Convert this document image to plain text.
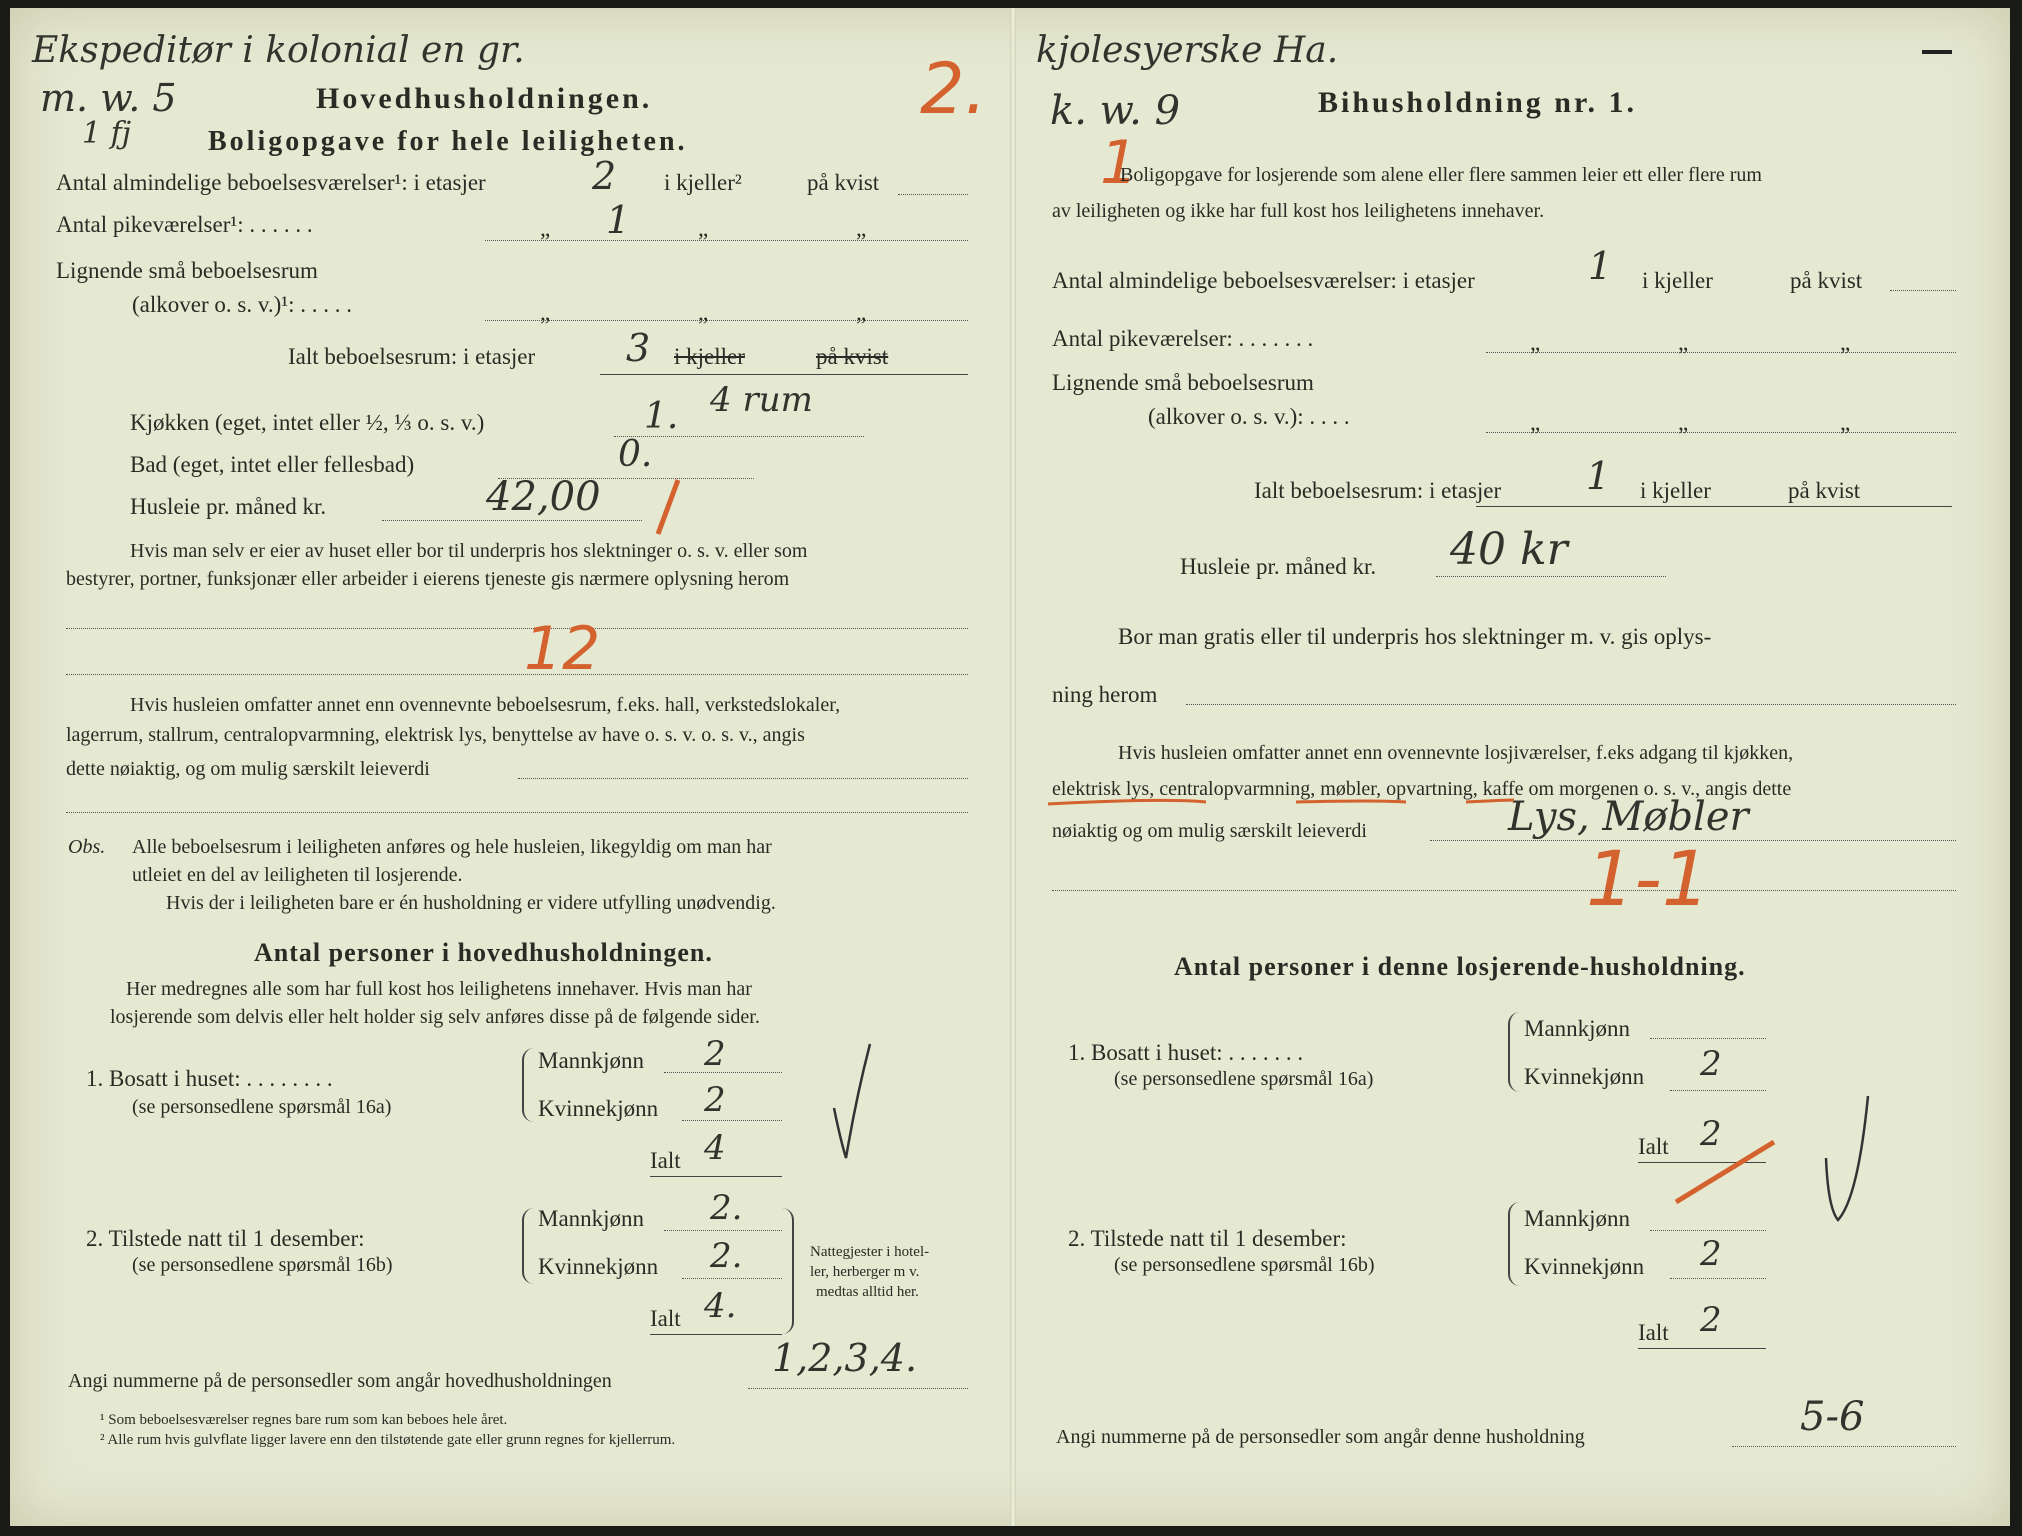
Ekspeditør i kolonial en gr.
m. w. 5
1 fj
2.
Hovedhusholdningen.
Boligopgave for hele leiligheten.
Antal almindelige beboelsesværelser¹: i etasjer	2 i kjeller²	på kvist
Antal pikeværelser¹: . . . . . .	„ 1	„	„
Lignende små beboelsesrum
(alkover o. s. v.)¹: . . . . .	„	„	„
Ialt beboelsesrum: i etasjer 3 i kjeller	på kvist
Kjøkken (eget, intet eller ½, ⅓ o. s. v.)	1. 4 rum
Bad (eget, intet eller fellesbad)	0.
Husleie pr. måned kr.	42,00
Hvis man selv er eier av huset eller bor til underpris hos slektninger o. s. v. eller som
bestyrer, portner, funksjonær eller arbeider i eierens tjeneste gis nærmere oplysning herom
12
Hvis husleien omfatter annet enn ovennevnte beboelsesrum, f.eks. hall, verkstedslokaler,
lagerrum, stallrum, centralopvarmning, elektrisk lys, benyttelse av have o. s. v. o. s. v., angis
dette nøiaktig, og om mulig særskilt leieverdi
Obs. Alle beboelsesrum i leiligheten anføres og hele husleien, likegyldig om man har
utleiet en del av leiligheten til losjerende.
Hvis der i leiligheten bare er én husholdning er videre utfylling unødvendig.
Antal personer i hovedhusholdningen.
Her medregnes alle som har full kost hos leilighetens innehaver. Hvis man har
losjerende som delvis eller helt holder sig selv anføres disse på de følgende sider.
1. Bosatt i huset: . . . . . . . .
(se personsedlene spørsmål 16a)
Mannkjønn 2
Kvinnekjønn 2
Ialt 4
2. Tilstede natt til 1 desember:
(se personsedlene spørsmål 16b)
Mannkjønn 2.
Kvinnekjønn 2.
Ialt 4.
Nattegjester i hotel-
ler, herberger m v.
medtas alltid her.
Angi nummerne på de personsedler som angår hovedhusholdningen
1,2,3,4.
¹ Som beboelsesværelser regnes bare rum som kan beboes hele året.
² Alle rum hvis gulvflate ligger lavere enn den tilstøtende gate eller grunn regnes for kjellerrum.
kjolesyerske Ha.
k. w. 9
1
Bihusholdning nr. 1.
Boligopgave for losjerende som alene eller flere sammen leier ett eller flere rum
av leiligheten og ikke har full kost hos leilighetens innehaver.
Antal almindelige beboelsesværelser: i etasjer	1 i kjeller	på kvist
Antal pikeværelser: . . . . . . .	„	„	„
Lignende små beboelsesrum
(alkover o. s. v.): . . . .	„	„	„
Ialt beboelsesrum: i etasjer 1 i kjeller	på kvist
Husleie pr. måned kr. 40 kr
Bor man gratis eller til underpris hos slektninger m. v. gis oplys-
ning herom
Hvis husleien omfatter annet enn ovennevnte losjiværelser, f.eks adgang til kjøkken,
elektrisk lys, centralopvarmning, møbler, opvartning, kaffe om morgenen o. s. v., angis dette
nøiaktig og om mulig særskilt leieverdi	Lys, Møbler
1-1
Antal personer i denne losjerende-husholdning.
1. Bosatt i huset: . . . . . . .
(se personsedlene spørsmål 16a)
Mannkjønn
Kvinnekjønn 2
Ialt 2
2. Tilstede natt til 1 desember:
(se personsedlene spørsmål 16b)
Mannkjønn
Kvinnekjønn 2
Ialt 2
Angi nummerne på de personsedler som angår denne husholdning	5-6
